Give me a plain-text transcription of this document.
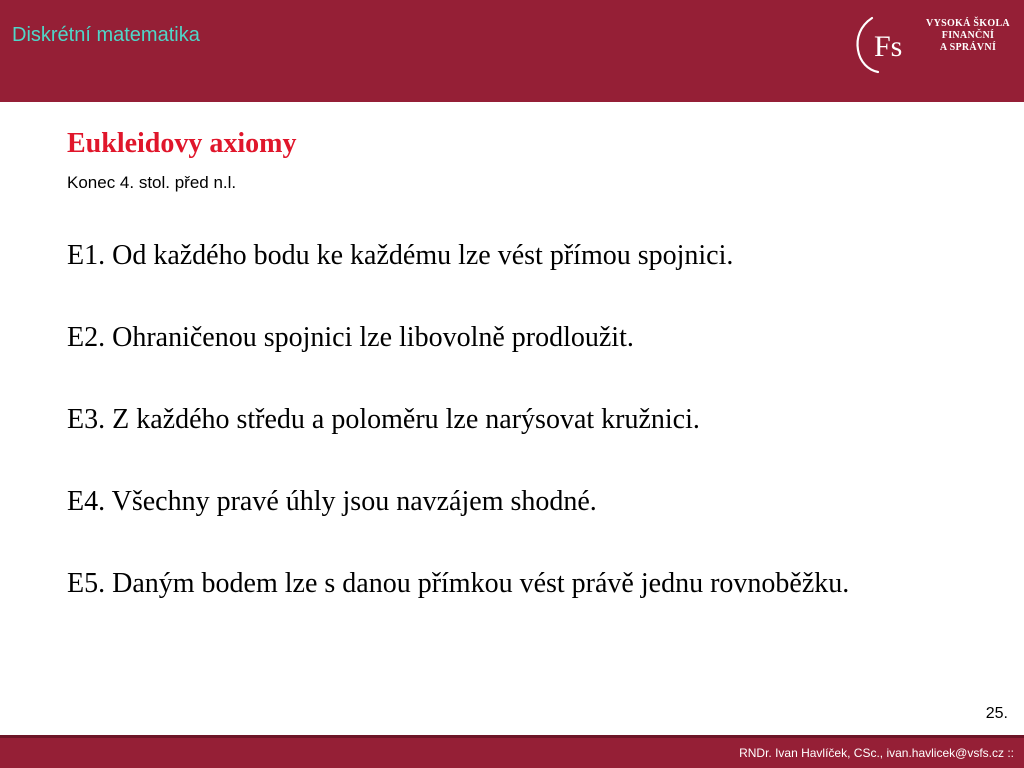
Diskrétní matematika	Fs
VYSOKÁ ŠKOLA
FINANČNÍ
A SPRÁVNÍ
Eukleidovy axiomy
Konec 4. stol. před n.l.
E1. Od každého bodu ke každému lze vést přímou spojnici.
E2. Ohraničenou spojnici lze libovolně prodloužit.
E3. Z každého středu a poloměru lze narýsovat kružnici.
E4. Všechny pravé úhly jsou navzájem shodné.
E5. Daným bodem lze s danou přímkou vést právě jednu rovnoběžku.
25.
RNDr. Ivan Havlíček, CSc., ivan.havlicek@vsfs.cz ::
